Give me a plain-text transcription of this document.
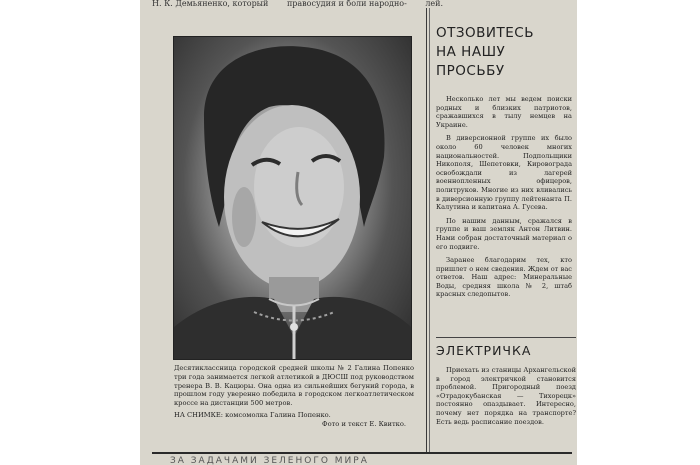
Н. К. Демьяненко, который правосудия и боли народно- лей.

Десятиклассница городской средней школы № 2 Галина Попенко три года занимается легкой атлетикой в ДЮСШ под руководством тренера В. В. Кацюры. Она одна из сильнейших бегуний города, в прошлом году уверенно победила в городском легкоатлетическом кроссе на дистанции 500 метров.

НА СНИМКЕ: комсомолка Галина Попенко.

Фото и текст Е. Квитко.

ОТЗОВИТЕСЬ
НА НАШУ
ПРОСЬБУ

Несколько лет мы ведем поиски родных и близких патриотов, сражавшихся в тылу немцев на Украине.

В диверсионной группе их было около 60 человек многих национальностей. Подпольщики Никополя, Шепетовки, Кировограда освобождали из лагерей военнопленных офицеров, политруков. Многие из них вливались в диверсионную группу лейтенанта П. Калутина и капитана А. Гусева.

По нашим данным, сражался в группе и ваш земляк Антон Литвин. Нами собран достаточный материал о его подвиге.

Заранее благодарим тех, кто пришлет о нем сведения. Ждем от вас ответов. Наш адрес: Минеральные Воды, средняя школа № 2, штаб красных следопытов.

ЭЛЕКТРИЧКА

Приехать из станицы Архангельской в город электричкой становится проблемой. Пригородный поезд «Отрадокубанская — Тихорецк» постоянно опаздывает. Интересно, почему нет порядка на транспорте? Есть ведь расписание поездов.

ЗА ЗАДАЧАМИ ЗЕЛЕНОГО МИРА
